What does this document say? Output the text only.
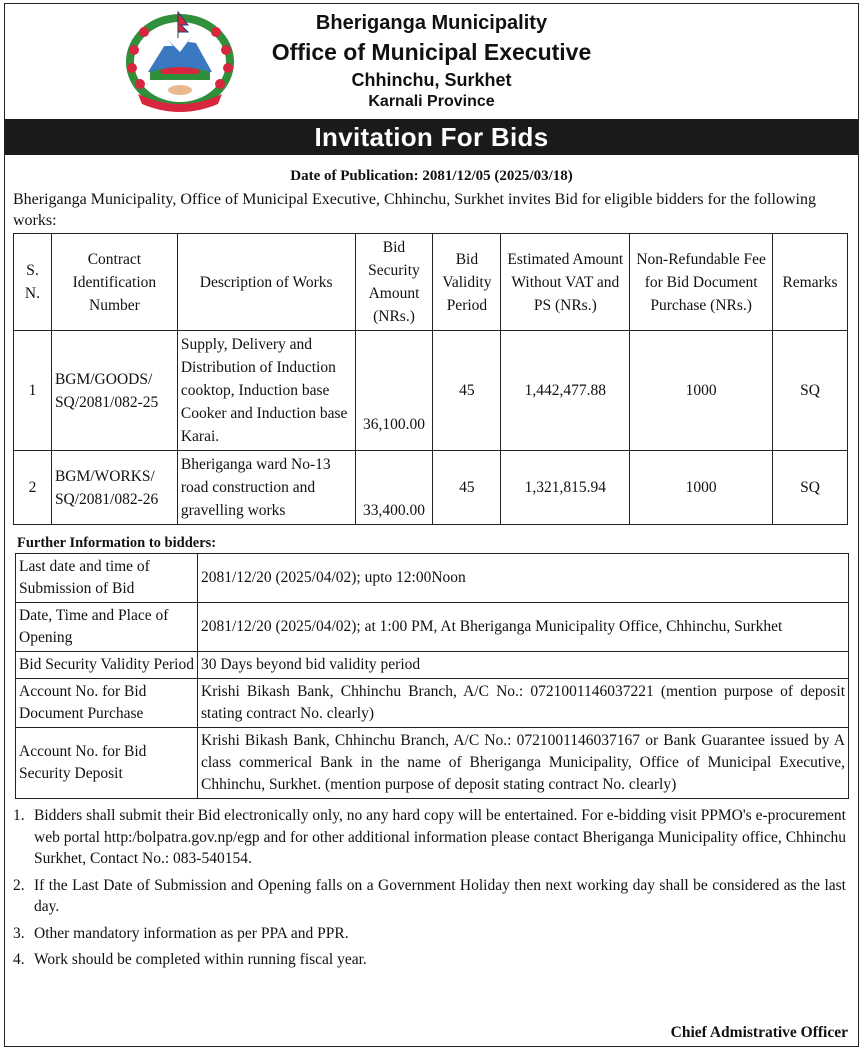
Bheriganga Municipality
Office of Municipal Executive
Chhinchu, Surkhet
Karnali Province
Invitation For Bids
Date of Publication: 2081/12/05 (2025/03/18)
Bheriganga Municipality, Office of Municipal Executive, Chhinchu, Surkhet invites Bid for eligible bidders for the following works:
S. N.	Contract Identification Number	Description of Works	Bid Security Amount (NRs.)	Bid Validity Period	Estimated Amount Without VAT and PS (NRs.)	Non-Refundable Fee for Bid Document Purchase (NRs.)	Remarks
1	BGM/GOODS/ SQ/2081/082-25	Supply, Delivery and Distribution of Induction cooktop, Induction base Cooker and Induction base Karai.	36,100.00	45	1,442,477.88	1000	SQ
2	BGM/WORKS/ SQ/2081/082-26	Bheriganga ward No-13 road construction and gravelling works	33,400.00	45	1,321,815.94	1000	SQ
Further Information to bidders:
Last date and time of Submission of Bid	2081/12/20 (2025/04/02); upto 12:00Noon
Date, Time and Place of Opening	2081/12/20 (2025/04/02); at 1:00 PM, At Bheriganga Municipality Office, Chhinchu, Surkhet
Bid Security Validity Period	30 Days beyond bid validity period
Account No. for Bid Document Purchase	Krishi Bikash Bank, Chhinchu Branch, A/C No.: 0721001146037221 (mention purpose of deposit stating contract No. clearly)
Account No. for Bid Security Deposit	Krishi Bikash Bank, Chhinchu Branch, A/C No.: 0721001146037167 or Bank Guarantee issued by A class commerical Bank in the name of Bheriganga Municipality, Office of Municipal Executive, Chhinchu, Surkhet. (mention purpose of deposit stating contract No. clearly)
1. Bidders shall submit their Bid electronically only, no any hard copy will be entertained. For e-bidding visit PPMO's e-procurement web portal http:/bolpatra.gov.np/egp and for other additional information please contact Bheriganga Municipality office, Chhinchu Surkhet, Contact No.: 083-540154.
2. If the Last Date of Submission and Opening falls on a Government Holiday then next working day shall be considered as the last day.
3. Other mandatory information as per PPA and PPR.
4. Work should be completed within running fiscal year.
Chief Admistrative Officer
